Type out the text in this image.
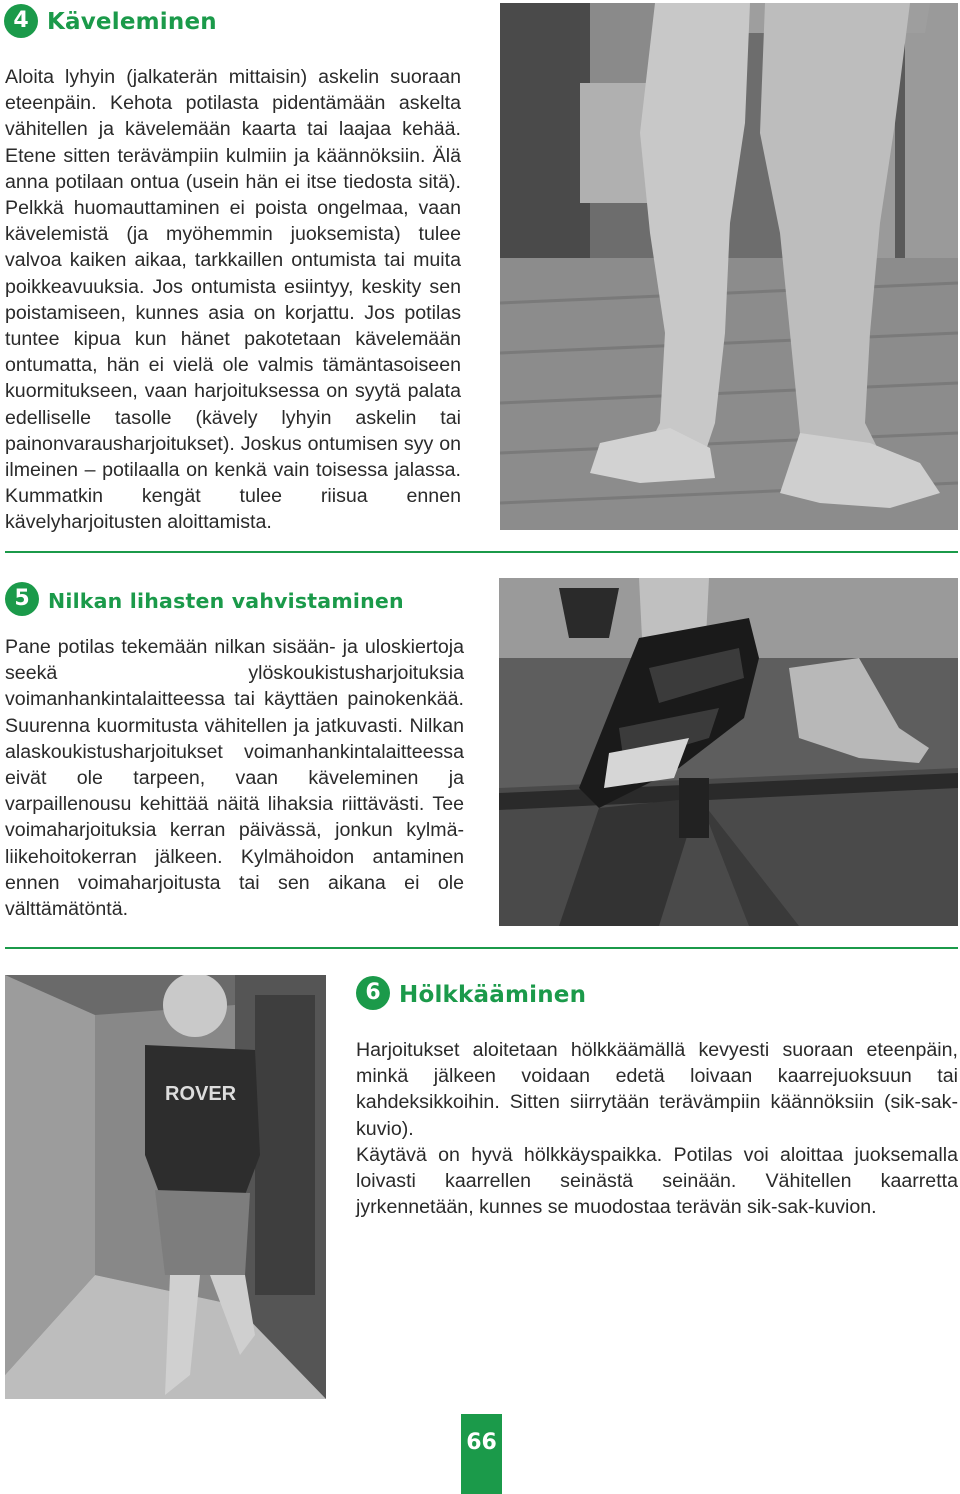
4 Käveleminen
Aloita lyhyin (jalkaterän mittaisin) askelin suoraan eteenpäin. Kehota potilasta pidentämään askelta vähitellen ja kävelemään kaarta tai laajaa kehää. Etene sitten terävämpiin kulmiin ja käännöksiin. Älä anna potilaan ontua (usein hän ei itse tiedosta sitä). Pelkkä huomauttaminen ei poista ongelmaa, vaan kävelemistä (ja myöhemmin juoksemista) tulee valvoa kaiken aikaa, tarkkaillen ontumista tai muita poikkeavuuksia. Jos ontumista esiintyy, keskity sen poistamiseen, kunnes asia on korjattu. Jos potilas tuntee kipua kun hänet pakotetaan kävelemään ontumatta, hän ei vielä ole valmis tämäntasoiseen kuormitukseen, vaan harjoituksessa on syytä palata edelliselle tasolle (kävely lyhyin askelin tai painonvarausharjoitukset). Joskus ontumisen syy on ilmeinen – potilaalla on kenkä vain toisessa jalassa. Kummatkin kengät tulee riisua ennen kävelyharjoitusten aloittamista.
5 Nilkan lihasten vahvistaminen
Pane potilas tekemään nilkan sisään- ja uloskiertoja seekä ylöskoukistusharjoituksia voimanhankintalaitteessa tai käyttäen painokenkää. Suurenna kuormitusta vähitellen ja jatkuvasti. Nilkan alaskoukistusharjoitukset voimanhankintalaitteessa eivät ole tarpeen, vaan käveleminen ja varpaillenousu kehittää näitä lihaksia riittävästi. Tee voimaharjoituksia kerran päivässä, jonkun kylmä-liikehoitokerran jälkeen. Kylmähoidon antaminen ennen voimaharjoitusta tai sen aikana ei ole välttämätöntä.
ROVER
6 Hölkkääminen
Harjoitukset aloitetaan hölkkäämällä kevyesti suoraan eteenpäin, minkä jälkeen voidaan edetä loivaan kaarrejuoksuun tai kahdeksikkoihin. Sitten siirrytään terävämpiin käännöksiin (sik-sak-kuvio).
Käytävä on hyvä hölkkäyspaikka. Potilas voi aloittaa juoksemalla loivasti kaarrellen seinästä seinään. Vähitellen kaarretta jyrkennetään, kunnes se muodostaa terävän sik-sak-kuvion.
66
